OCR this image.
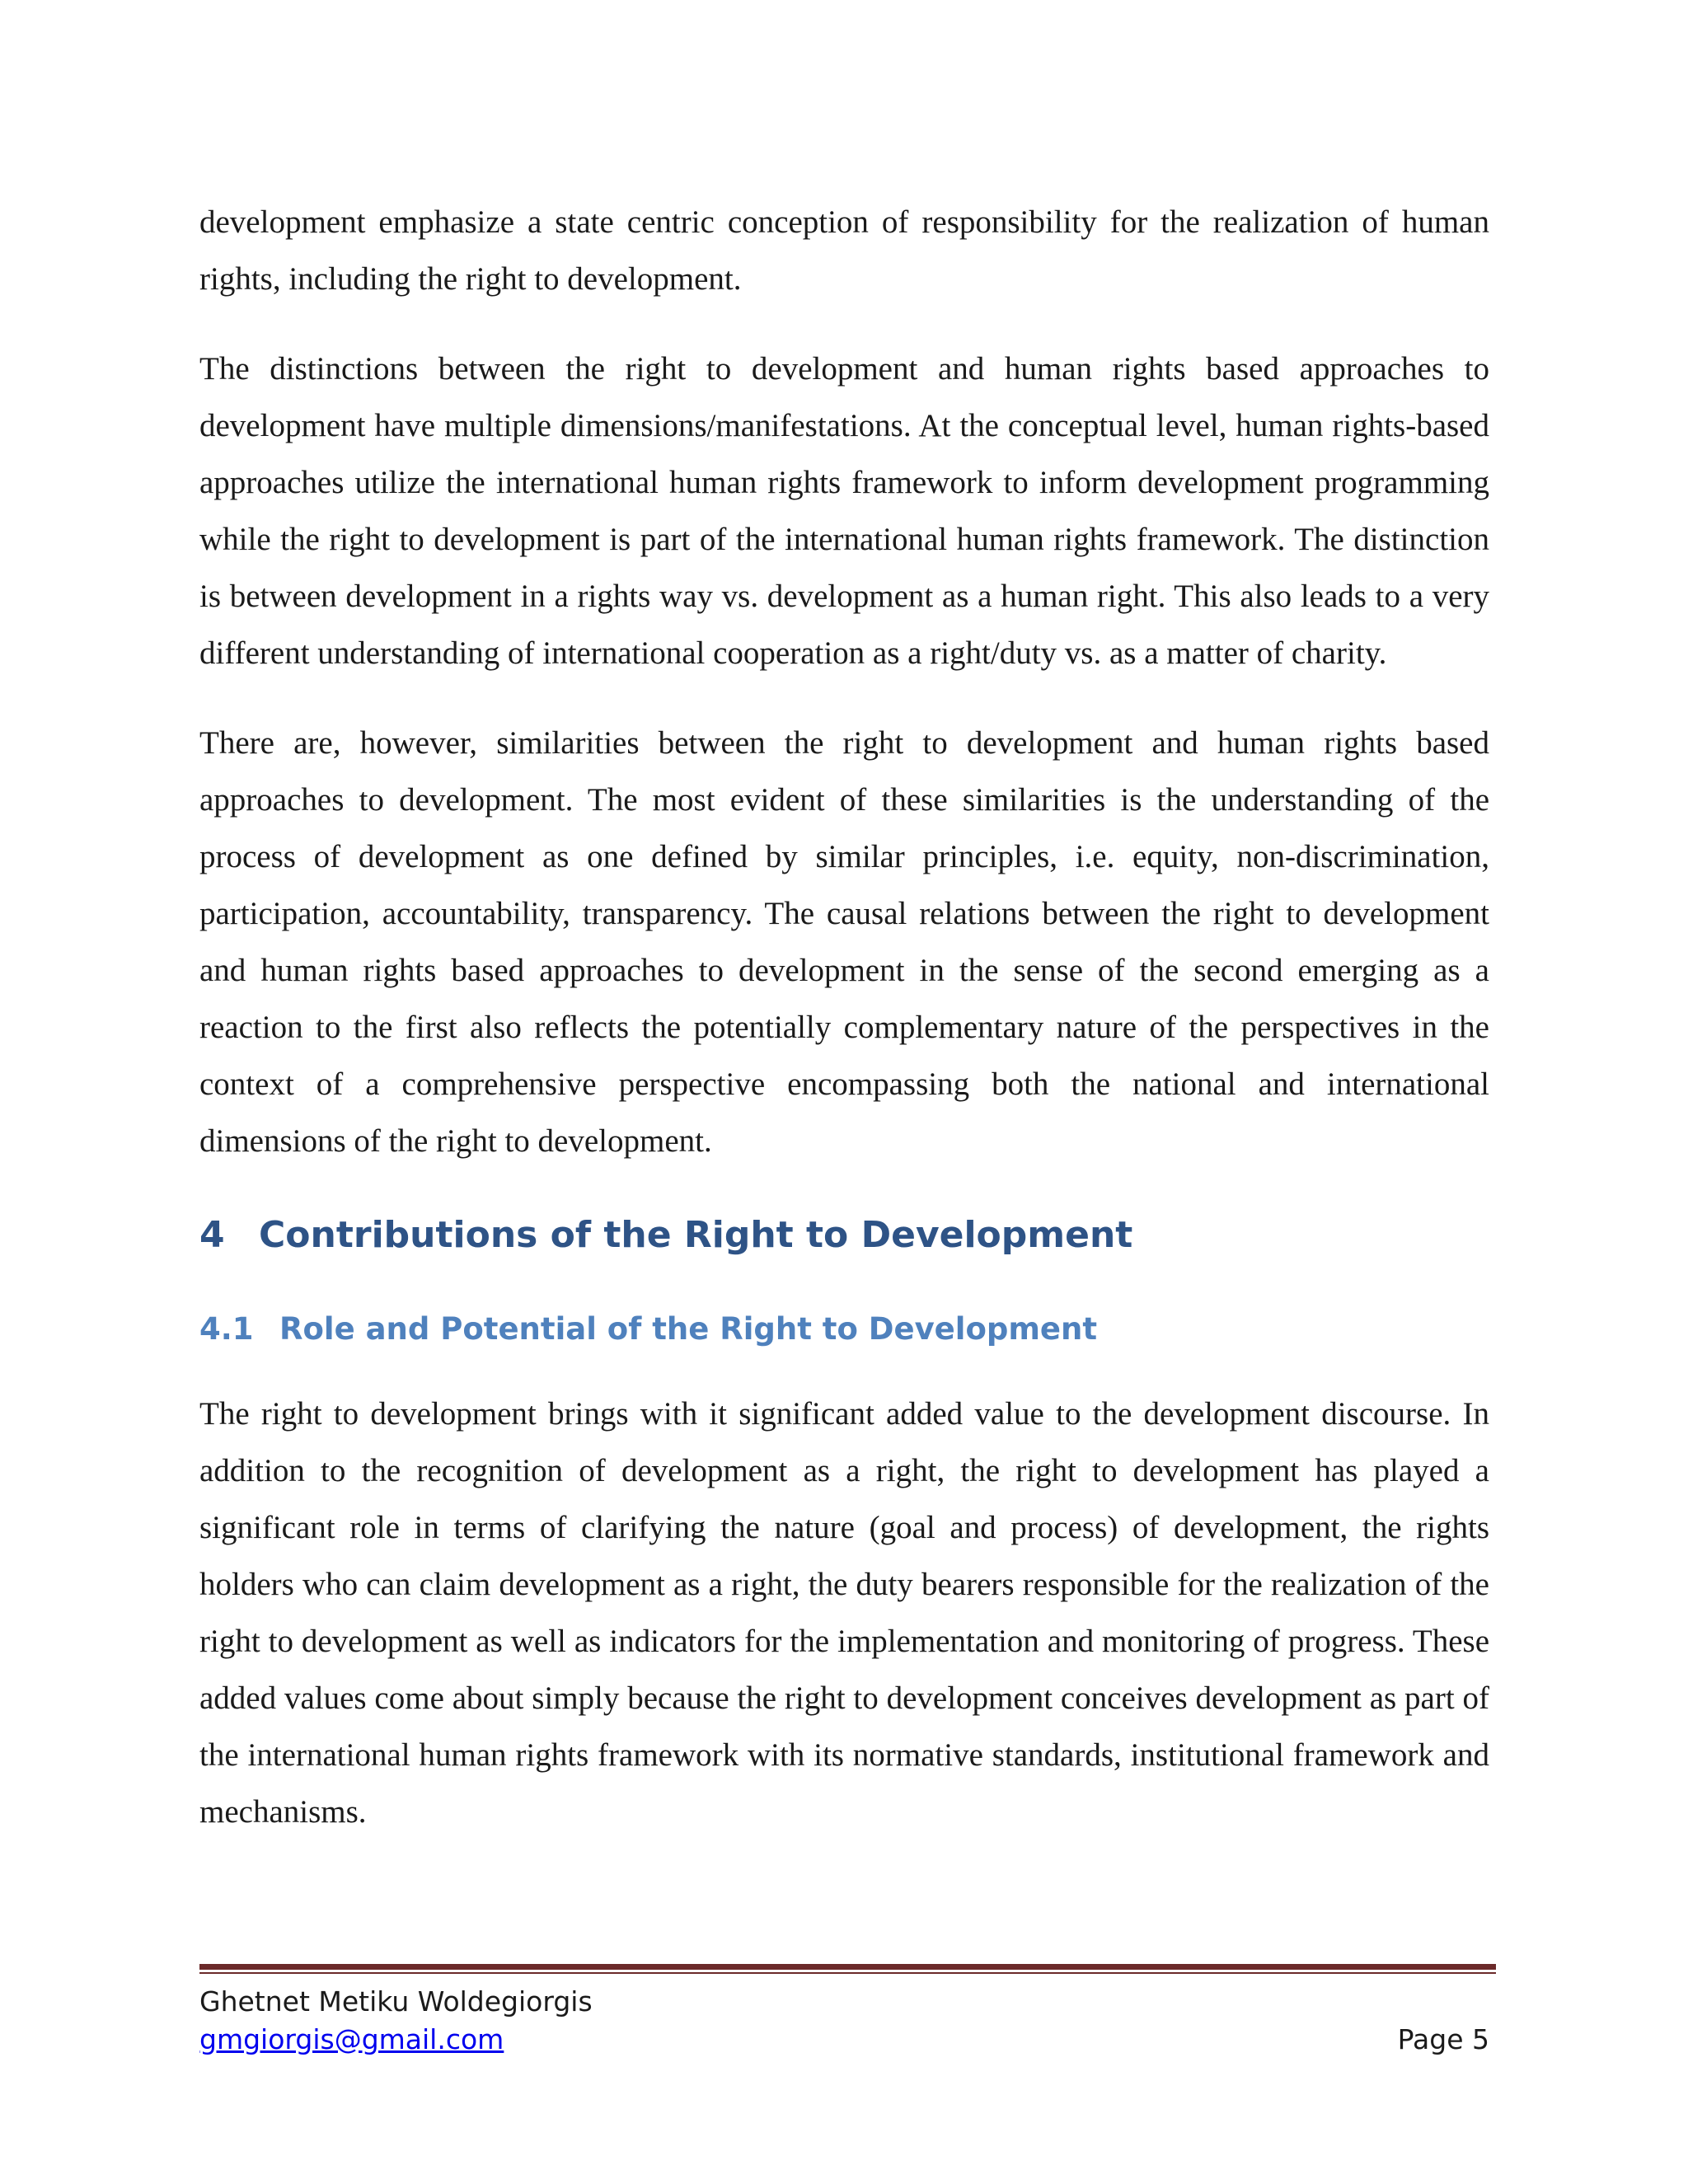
development emphasize a state centric conception of responsibility for the realization of human rights, including the right to development.

The distinctions between the right to development and human rights based approaches to development have multiple dimensions/manifestations. At the conceptual level, human rights-based approaches utilize the international human rights framework to inform development programming while the right to development is part of the international human rights framework. The distinction is between development in a rights way vs. development as a human right. This also leads to a very different understanding of international cooperation as a right/duty vs. as a matter of charity.

There are, however, similarities between the right to development and human rights based approaches to development. The most evident of these similarities is the understanding of the process of development as one defined by similar principles, i.e. equity, non-discrimination, participation, accountability, transparency. The causal relations between the right to development and human rights based approaches to development in the sense of the second emerging as a reaction to the first also reflects the potentially complementary nature of the perspectives in the context of a comprehensive perspective encompassing both the national and international dimensions of the right to development.

4 Contributions of the Right to Development
4.1 Role and Potential of the Right to Development

The right to development brings with it significant added value to the development discourse. In addition to the recognition of development as a right, the right to development has played a significant role in terms of clarifying the nature (goal and process) of development, the rights holders who can claim development as a right, the duty bearers responsible for the realization of the right to development as well as indicators for the implementation and monitoring of progress. These added values come about simply because the right to development conceives development as part of the international human rights framework with its normative standards, institutional framework and mechanisms.

Ghetnet Metiku Woldegiorgis
gmgiorgis@gmail.com	Page 5
